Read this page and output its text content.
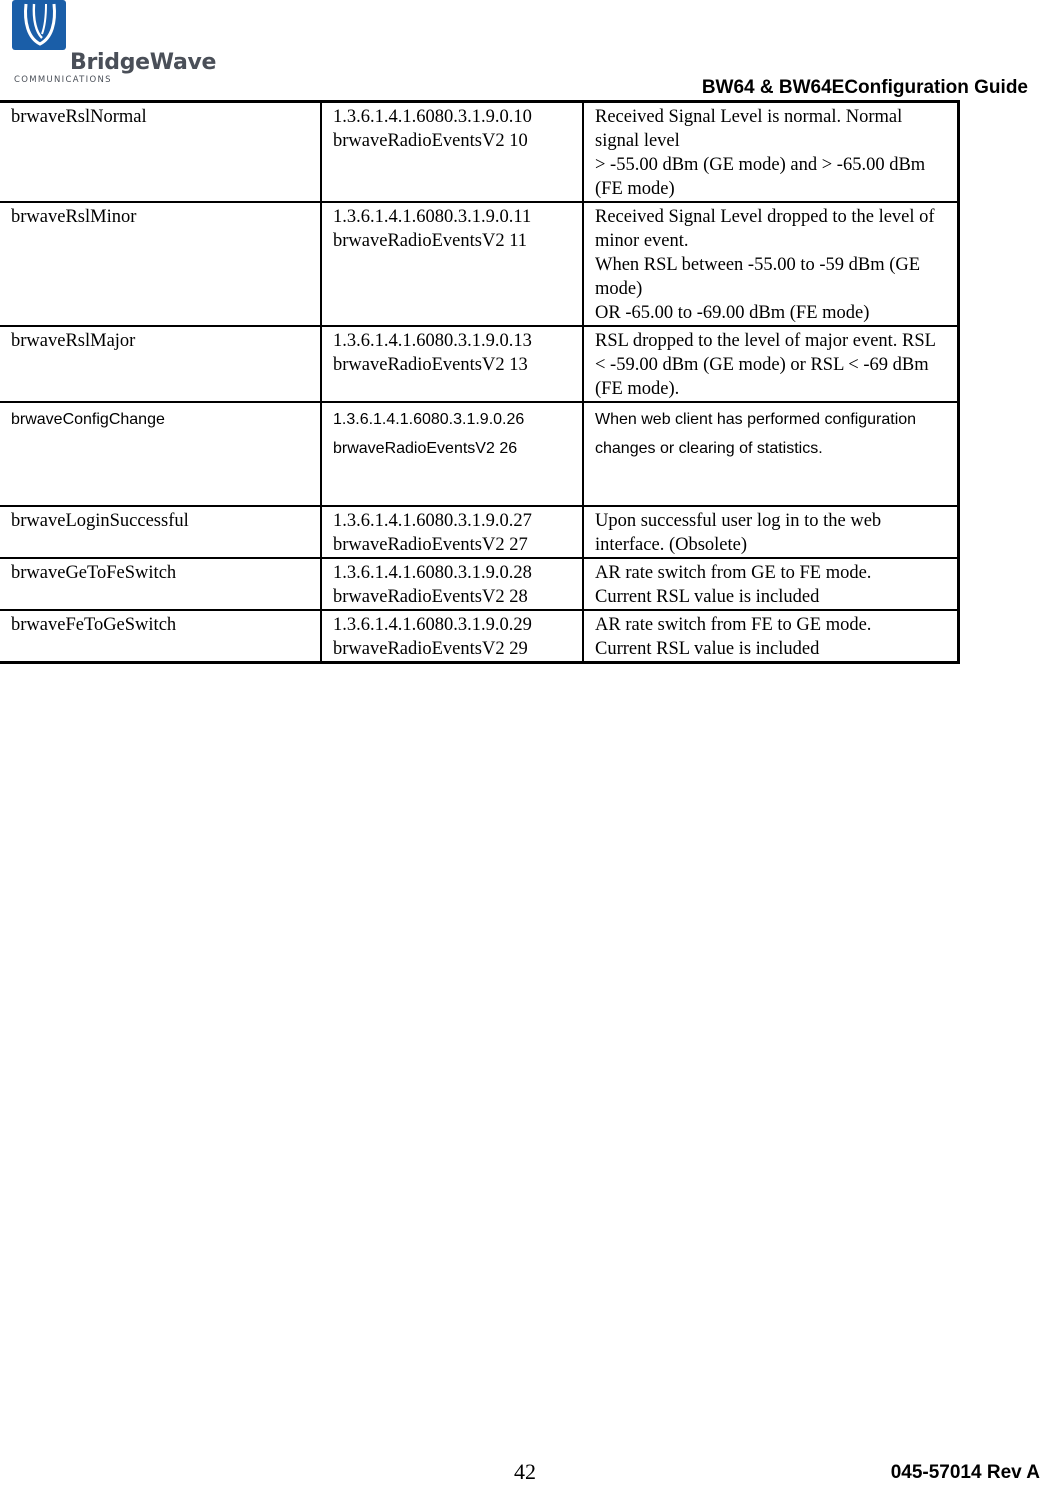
BridgeWave
COMMUNICATIONS	BW64 & BW64EConfiguration Guide
brwaveRslNormal	1.3.6.1.4.1.6080.3.1.9.0.10
brwaveRadioEventsV2 10	Received Signal Level is normal. Normal signal level
> -55.00 dBm (GE mode) and > -65.00 dBm (FE mode)

brwaveRslMinor	1.3.6.1.4.1.6080.3.1.9.0.11
brwaveRadioEventsV2 11	Received Signal Level dropped to the level of minor event.
When RSL between -55.00 to -59 dBm (GE mode)
OR -65.00 to -69.00 dBm (FE mode)

brwaveRslMajor	1.3.6.1.4.1.6080.3.1.9.0.13
brwaveRadioEventsV2 13	RSL dropped to the level of major event. RSL < -59.00 dBm (GE mode) or RSL < -69 dBm (FE mode).

brwaveConfigChange	1.3.6.1.4.1.6080.3.1.9.0.26
brwaveRadioEventsV2 26	When web client has performed configuration changes or clearing of statistics.

brwaveLoginSuccessful	1.3.6.1.4.1.6080.3.1.9.0.27
brwaveRadioEventsV2 27	Upon successful user log in to the web interface. (Obsolete)

brwaveGeToFeSwitch	1.3.6.1.4.1.6080.3.1.9.0.28
brwaveRadioEventsV2 28	AR rate switch from GE to FE mode.
Current RSL value is included

brwaveFeToGeSwitch	1.3.6.1.4.1.6080.3.1.9.0.29
brwaveRadioEventsV2 29	AR rate switch from FE to GE mode.
Current RSL value is included
42	045-57014 Rev A
